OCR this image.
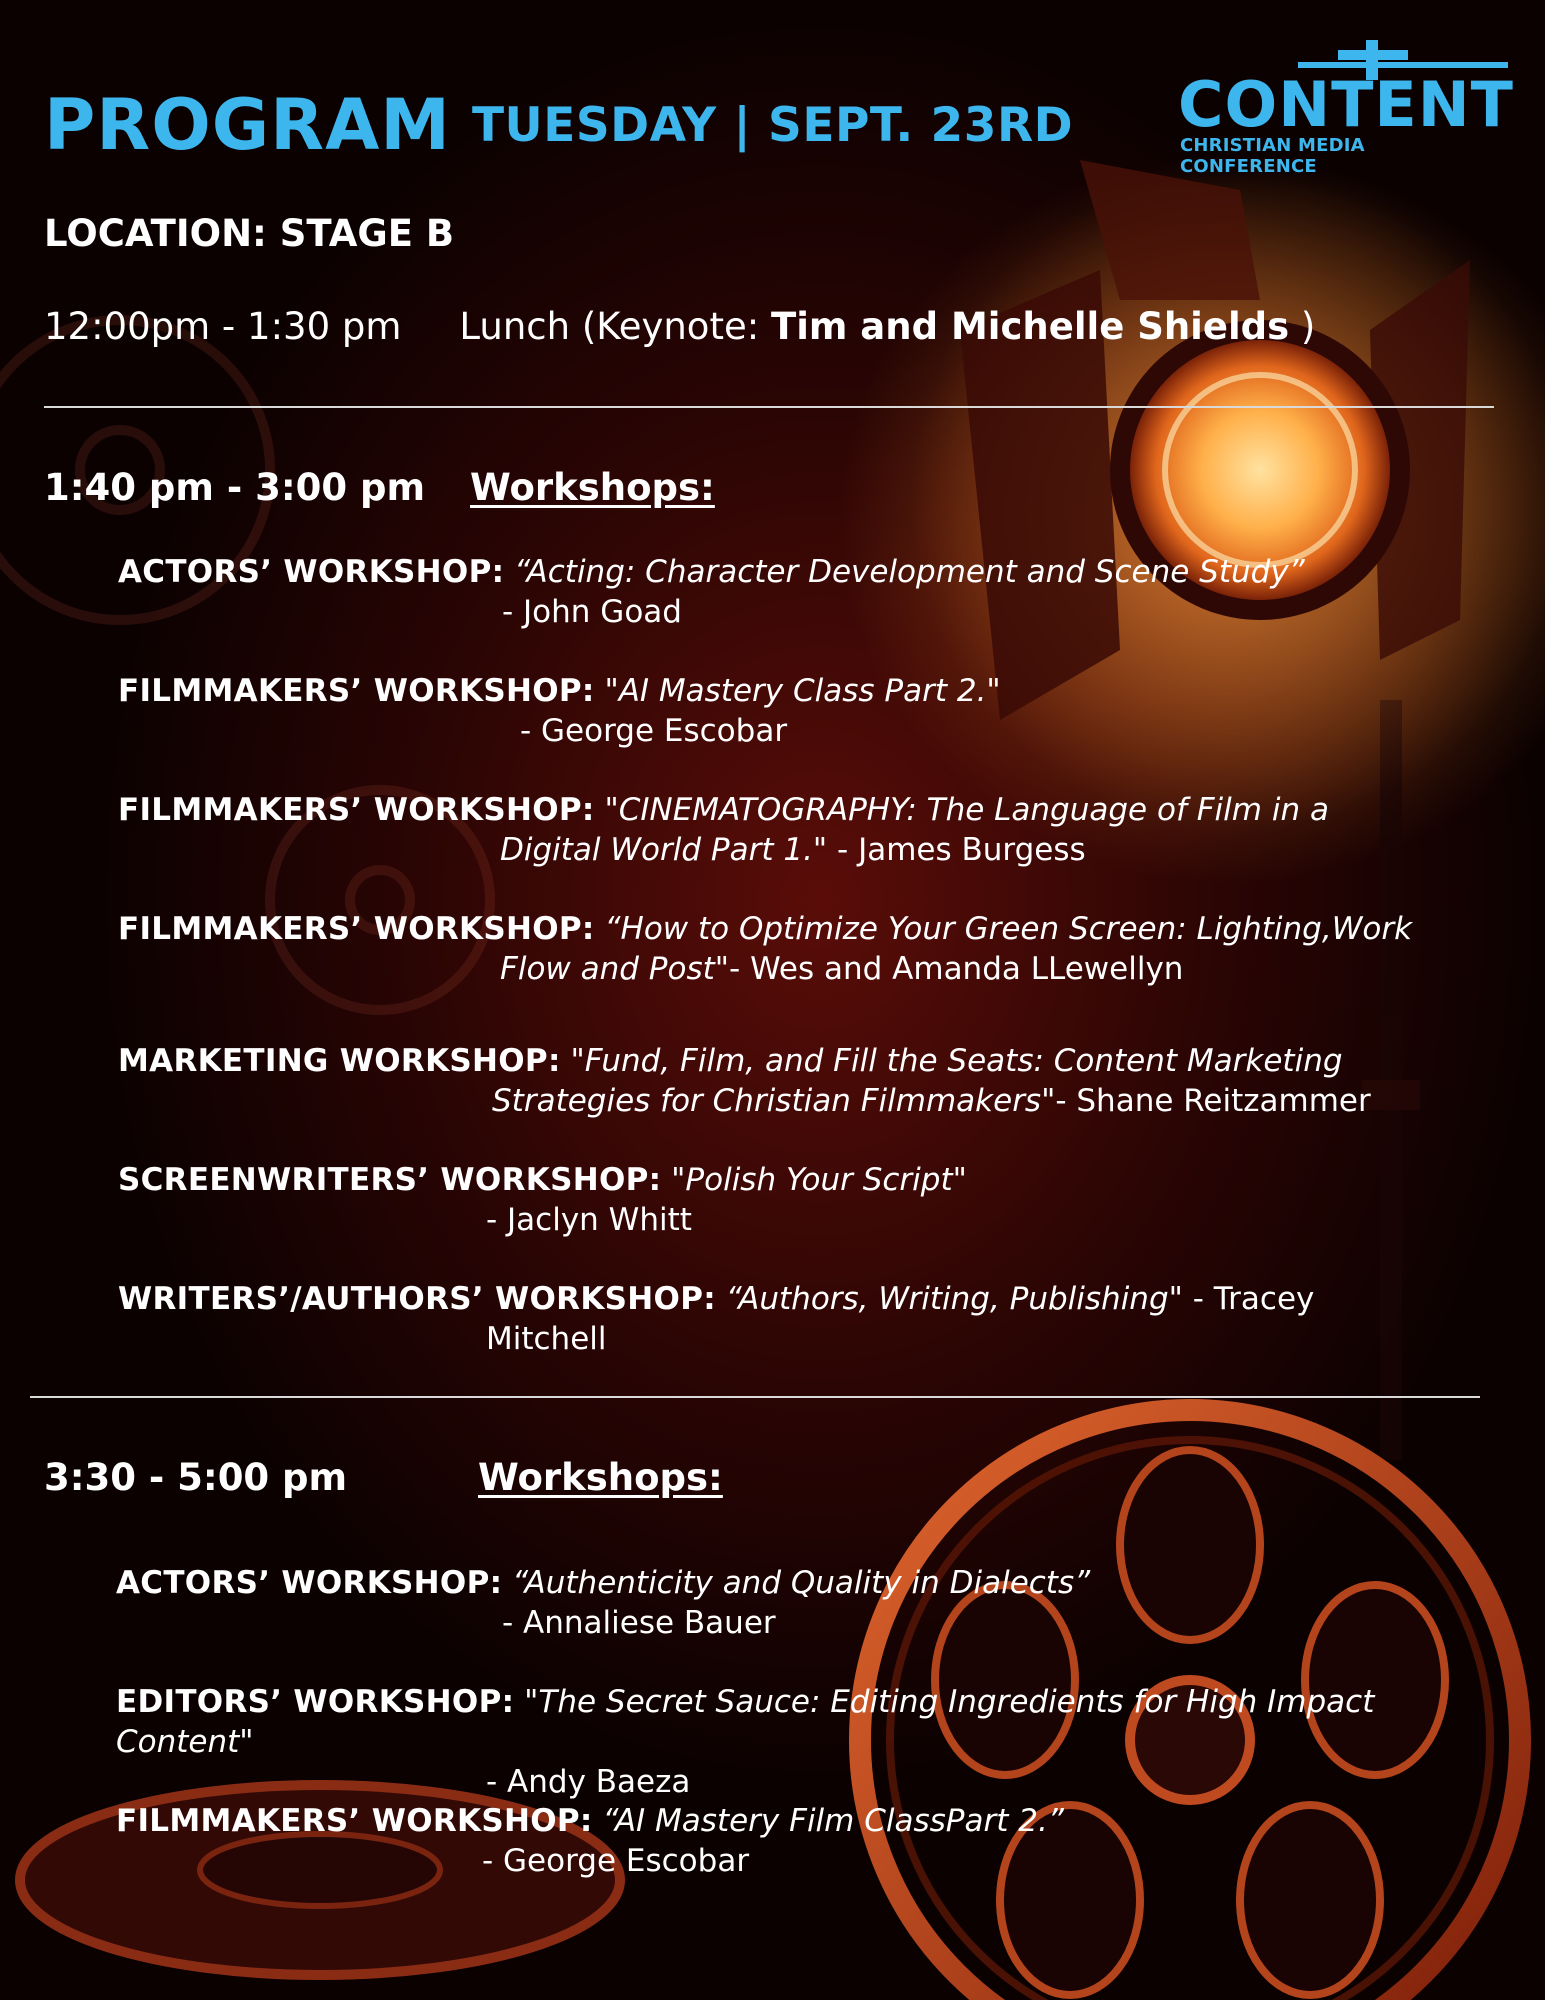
PROGRAM TUESDAY | SEPT. 23RD CONTENT
CHRISTIAN MEDIA CONFERENCE
LOCATION: STAGE B
12:00pm - 1:30 pm Lunch (Keynote: Tim and Michelle Shields )
1:40 pm - 3:00 pm Workshops:
ACTORS’ WORKSHOP: “Acting: Character Development and Scene Study”
- John Goad
FILMMAKERS’ WORKSHOP: "AI Mastery Class Part 2."
- George Escobar
FILMMAKERS’ WORKSHOP: "CINEMATOGRAPHY: The Language of Film in a
Digital World Part 1." - James Burgess
FILMMAKERS’ WORKSHOP: “How to Optimize Your Green Screen: Lighting,Work
Flow and Post"- Wes and Amanda LLewellyn
MARKETING WORKSHOP: "Fund, Film, and Fill the Seats: Content Marketing
Strategies for Christian Filmmakers"- Shane Reitzammer
SCREENWRITERS’ WORKSHOP: "Polish Your Script"
- Jaclyn Whitt
WRITERS’/AUTHORS’ WORKSHOP: “Authors, Writing, Publishing" - Tracey
Mitchell
3:30 - 5:00 pm	Workshops:
ACTORS’ WORKSHOP: “Authenticity and Quality in Dialects”
- Annaliese Bauer
EDITORS’ WORKSHOP: "The Secret Sauce: Editing Ingredients for High Impact Content"
- Andy Baeza
FILMMAKERS’ WORKSHOP: “AI Mastery Film ClassPart 2.”
- George Escobar
